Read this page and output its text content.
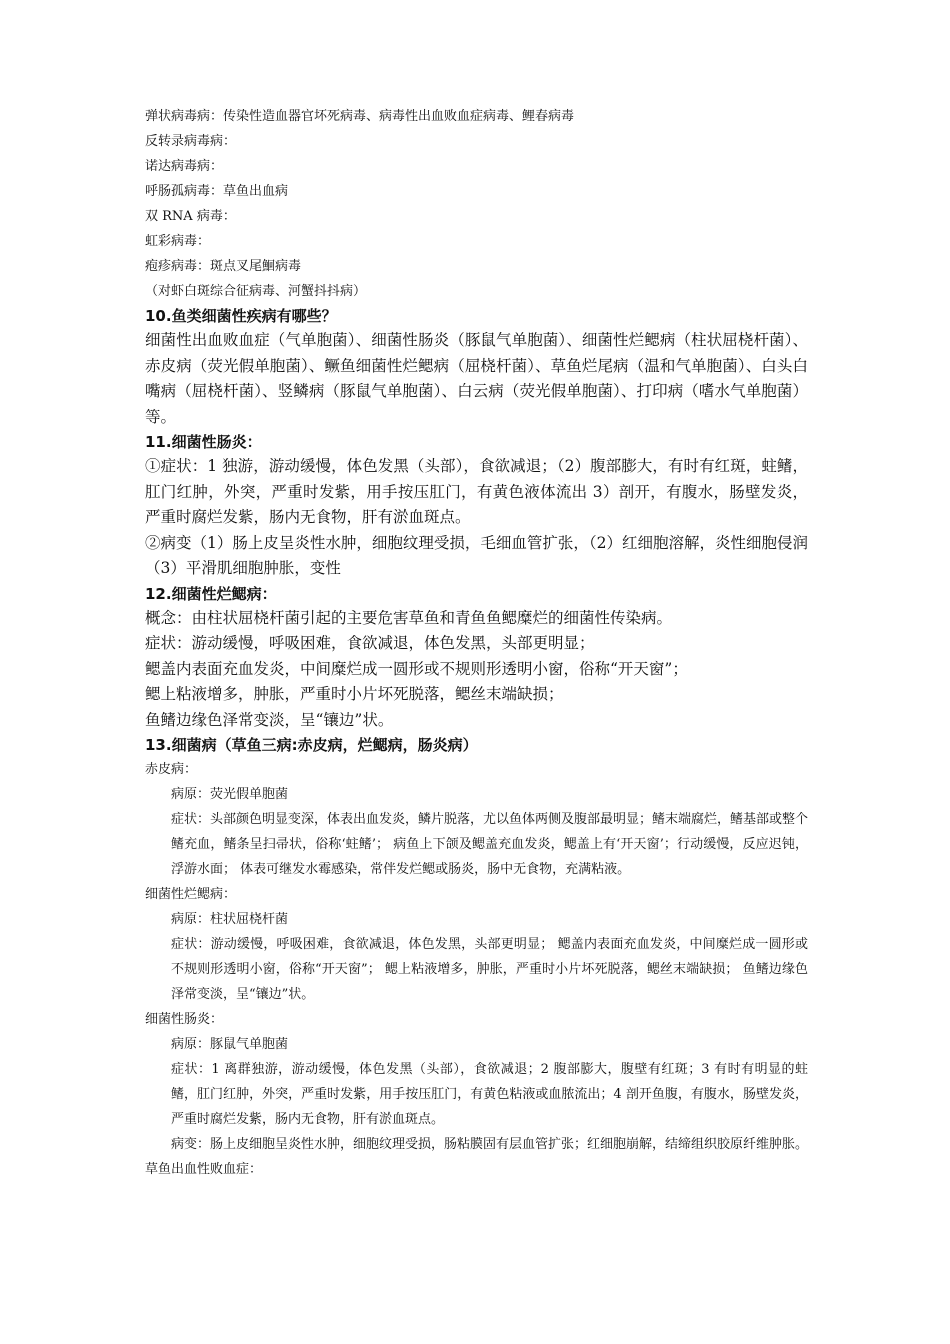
弹状病毒病：传染性造血器官坏死病毒、病毒性出血败血症病毒、鲤春病毒

反转录病毒病：

诺达病毒病：

呼肠孤病毒：草鱼出血病

双 RNA 病毒：

虹彩病毒：

疱疹病毒：斑点叉尾鮰病毒

（对虾白斑综合征病毒、河蟹抖抖病）

10.鱼类细菌性疾病有哪些？

细菌性出血败血症（气单胞菌）、细菌性肠炎（豚鼠气单胞菌）、细菌性烂鳃病（柱状屈桡杆菌）、赤皮病（荧光假单胞菌）、鳜鱼细菌性烂鳃病（屈桡杆菌）、草鱼烂尾病（温和气单胞菌）、白头白嘴病（屈桡杆菌）、竖鳞病（豚鼠气单胞菌）、白云病（荧光假单胞菌）、打印病（嗜水气单胞菌）等。

11.细菌性肠炎：

①症状：1 独游，游动缓慢，体色发黑（头部），食欲减退；（2）腹部膨大，有时有红斑，蛀鳍，肛门红肿，外突，严重时发紫，用手按压肛门，有黄色液体流出 3）剖开，有腹水，肠壁发炎，严重时腐烂发紫，肠内无食物，肝有淤血斑点。

②病变（1）肠上皮呈炎性水肿，细胞纹理受损，毛细血管扩张，（2）红细胞溶解，炎性细胞侵润（3）平滑肌细胞肿胀，变性

12.细菌性烂鳃病：

概念：由柱状屈桡杆菌引起的主要危害草鱼和青鱼鱼鳃糜烂的细菌性传染病。

症状：游动缓慢，呼吸困难，食欲减退，体色发黑，头部更明显；

鳃盖内表面充血发炎，中间糜烂成一圆形或不规则形透明小窗，俗称“开天窗”；

鳃上粘液增多，肿胀，严重时小片坏死脱落，鳃丝末端缺损；

鱼鳍边缘色泽常变淡，呈“镶边”状。

13.细菌病（草鱼三病:赤皮病，烂鳃病，肠炎病）

赤皮病：

病原：荧光假单胞菌

症状：头部颜色明显变深，体表出血发炎，鳞片脱落，尤以鱼体两侧及腹部最明显；鳍末端腐烂，鳍基部或整个鳍充血，鳍条呈扫帚状，俗称‘蛀鳍’； 病鱼上下颌及鳃盖充血发炎，鳃盖上有‘开天窗’；行动缓慢，反应迟钝，浮游水面； 体表可继发水霉感染，常伴发烂鳃或肠炎，肠中无食物，充满粘液。

细菌性烂鳃病：

病原：柱状屈桡杆菌

症状：游动缓慢，呼吸困难，食欲减退，体色发黑，头部更明显； 鳃盖内表面充血发炎，中间糜烂成一圆形或不规则形透明小窗，俗称“开天窗”； 鳃上粘液增多，肿胀，严重时小片坏死脱落，鳃丝末端缺损； 鱼鳍边缘色泽常变淡，呈“镶边”状。

细菌性肠炎：

病原：豚鼠气单胞菌

症状：1 离群独游，游动缓慢，体色发黑（头部），食欲减退；2 腹部膨大，腹壁有红斑；3 有时有明显的蛀鳍，肛门红肿，外突，严重时发紫，用手按压肛门，有黄色粘液或血脓流出；4 剖开鱼腹，有腹水，肠壁发炎，严重时腐烂发紫，肠内无食物，肝有淤血斑点。

病变：肠上皮细胞呈炎性水肿，细胞纹理受损，肠粘膜固有层血管扩张；红细胞崩解，结缔组织胶原纤维肿胀。

草鱼出血性败血症：
